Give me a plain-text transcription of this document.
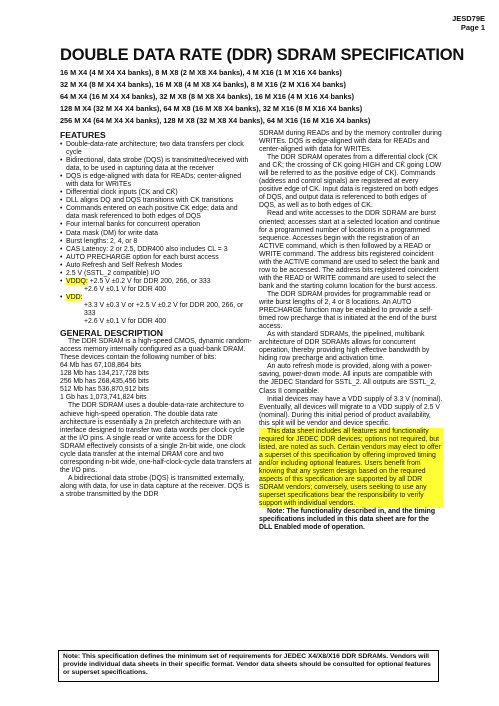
JESD79E
Page 1
DOUBLE DATA RATE (DDR) SDRAM SPECIFICATION
16 M X4 (4 M X4 X4 banks), 8 M X8 (2 M X8 X4 banks), 4 M X16 (1 M X16 X4 banks)
32 M X4 (8 M X4 X4 banks), 16 M X8 (4 M X8 X4 banks), 8 M X16 (2 M X16 X4 banks)
64 M X4 (16 M X4 X4 banks), 32 M X8 (8 M X8 X4 banks), 16 M X16 (4 M X16 X4 banks)
128 M X4 (32 M X4 X4 banks), 64 M X8 (16 M X8 X4 banks), 32 M X16 (8 M X16 X4 banks)
256 M X4 (64 M X4 X4 banks), 128 M X8 (32 M X8 X4 banks), 64 M X16 (16 M X16 X4 banks)
FEATURES
• Double-data-rate architecture; two data transfers per clock cycle
• Bidirectional, data strobe (DQS) is transmitted/received with data, to be used in capturing data at the receiver
• DQS is edge-aligned with data for READs; center-aligned with data for WRITEs
• Differential clock inputs (CK and CK̄)
• DLL aligns DQ and DQS transitions with CK transitions
• Commands entered on each positive CK edge; data and data mask referenced to both edges of DQS
• Four internal banks for concurrent operation
• Data mask (DM) for write data
• Burst lengths: 2, 4, or 8
• CAS Latency: 2 or 2.5, DDR400 also includes CL = 3
• AUTO PRECHARGE option for each burst access
• Auto Refresh and Self Refresh Modes
• 2.5 V (SSTL_2 compatible) I/O
• VDDQ: +2.5 V ±0.2 V for DDR 200, 266, or 333
+2.6 V ±0.1 V for DDR 400
• VDD:
+3.3 V ±0.3 V or +2.5 V ±0.2 V for DDR 200, 266, or 333
+2.6 V ±0.1 V for DDR 400
GENERAL DESCRIPTION

The DDR SDRAM is a high-speed CMOS, dynamic random-access memory internally configured as a quad-bank DRAM. These devices contain the following number of bits:

64 Mb has 67,108,864 bits
128 Mb has 134,217,728 bits
256 Mb has 268,435,456 bits
512 Mb has 536,870,912 bits
1 Gb has 1,073,741,824 bits

The DDR SDRAM uses a double-data-rate architecture to achieve high-speed operation. The double data rate architecture is essentially a 2n prefetch architecture with an interface designed to transfer two data words per clock cycle at the I/O pins. A single read or write access for the DDR SDRAM effectively consists of a single 2n-bit wide, one clock cycle data transfer at the internal DRAM core and two corresponding n-bit wide, one-half-clock-cycle data transfers at the I/O pins.

A bidirectional data strobe (DQS) is transmitted externally, along with data, for use in data capture at the receiver. DQS is a strobe transmitted by the DDR

SDRAM during READs and by the memory controller during WRITEs. DQS is edge-aligned with data for READs and center-aligned with data for WRITEs.

The DDR SDRAM operates from a differential clock (CK and CK̄; the crossing of CK going HIGH and CK̄ going LOW will be referred to as the positive edge of CK). Commands (address and control signals) are registered at every positive edge of CK. Input data is registered on both edges of DQS, and output data is referenced to both edges of DQS, as well as to both edges of CK.

Read and write accesses to the DDR SDRAM are burst oriented; accesses start at a selected location and continue for a programmed number of locations in a programmed sequence. Accesses begin with the registration of an ACTIVE command, which is then followed by a READ or WRITE command. The address bits registered coincident with the ACTIVE command are used to select the bank and row to be accessed. The address bits registered coincident with the READ or WRITE command are used to select the bank and the starting column location for the burst access.

The DDR SDRAM provides for programmable read or write burst lengths of 2, 4 or 8 locations. An AUTO PRECHARGE function may be enabled to provide a self-timed row precharge that is initiated at the end of the burst access.

As with standard SDRAMs, the pipelined, multibank architecture of DDR SDRAMs allows for concurrent operation, thereby providing high effective bandwidth by hiding row precharge and activation time.

An auto refresh mode is provided, along with a power-saving, power-down mode. All inputs are compatible with the JEDEC Standard for SSTL_2. All outputs are SSTL_2, Class II compatible.

Initial devices may have a VDD supply of 3.3 V (nominal). Eventually, all devices will migrate to a VDD supply of 2.5 V (nominal). During this initial period of product availability, this split will be vendor and device specific.

This data sheet includes all features and functionality required for JEDEC DDR devices; options not required, but listed, are noted as such. Certain vendors may elect to offer a superset of this specification by offering improved timing and/or including optional features. Users benefit from knowing that any system design based on the required aspects of this specification are supported by all DDR SDRAM vendors; conversely, users seeking to use any superset specifications bear the responsibility to verify support with individual vendors.

Note: The functionality described in, and the timing specifications included in this data sheet are for the DLL Enabled mode of operation.

Note: This specification defines the minimum set of requirements for JEDEC X4/X8/X16 DDR SDRAMs. Vendors will provide individual data sheets in their specific format. Vendor data sheets should be consulted for optional features or superset specifications.
